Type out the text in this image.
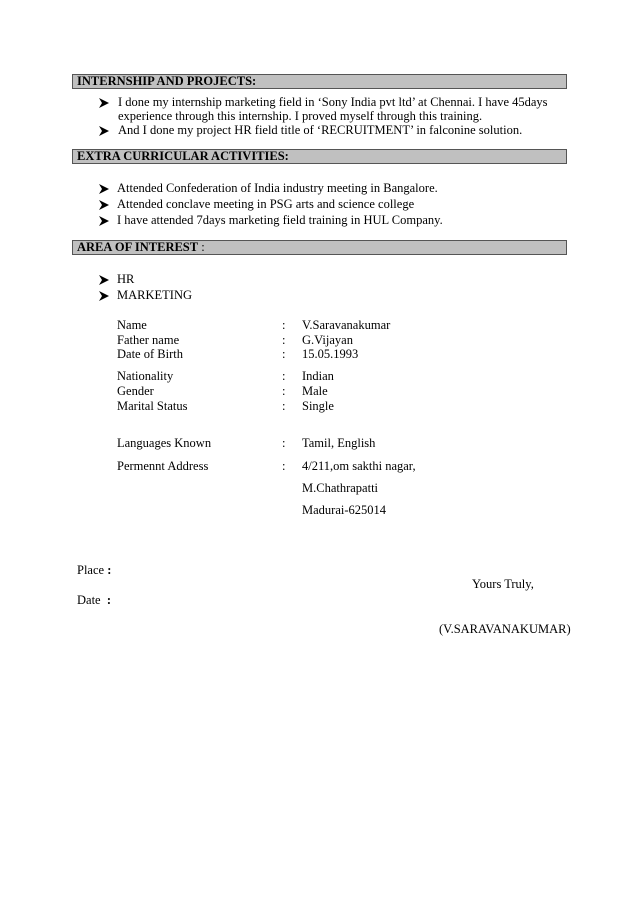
INTERNSHIP AND PROJECTS:
I done my internship marketing field in ‘Sony India pvt ltd’ at Chennai. I have 45days
experience through this internship. I proved myself through this training.
And I done my project HR field title of ‘RECRUITMENT’ in falconine solution.
EXTRA CURRICULAR ACTIVITIES:
Attended Confederation of India industry meeting in Bangalore.
Attended conclave meeting in PSG arts and science college
I have attended 7days marketing field training in HUL Company.
AREA OF INTEREST :
HR
MARKETING
Name	: V.Saravanakumar
Father name	: G.Vijayan
Date of Birth	: 15.05.1993
Nationality	: Indian
Gender	: Male
Marital Status	: Single
Languages Known	: Tamil, English
Permennt Address	: 4/211,om sakthi nagar,
M.Chathrapatti
Madurai-625014
Place :
Yours Truly,
Date :
(V.SARAVANAKUMAR)
